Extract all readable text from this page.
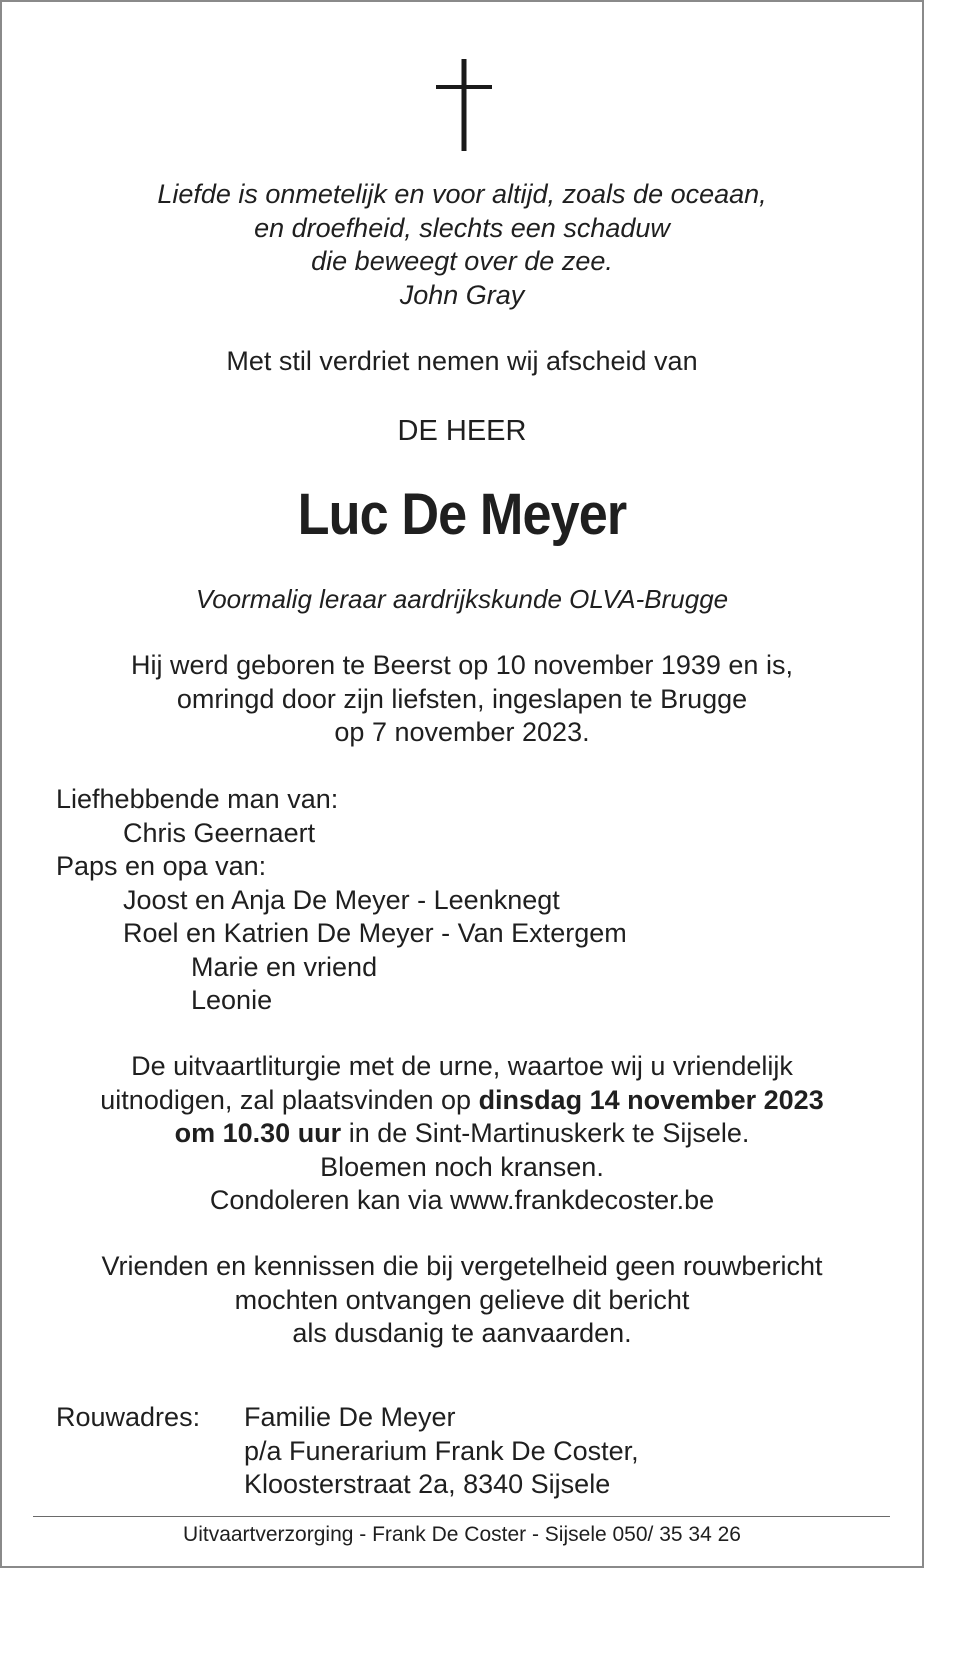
Liefde is onmetelijk en voor altijd, zoals de oceaan,
en droefheid, slechts een schaduw
die beweegt over de zee.
John Gray
Met stil verdriet nemen wij afscheid van
DE HEER
Luc De Meyer
Voormalig leraar aardrijkskunde OLVA-Brugge
Hij werd geboren te Beerst op 10 november 1939 en is,
omringd door zijn liefsten, ingeslapen te Brugge
op 7 november 2023.
Liefhebbende man van:
Chris Geernaert
Paps en opa van:
Joost en Anja De Meyer - Leenknegt
Roel en Katrien De Meyer - Van Extergem
Marie en vriend
Leonie
De uitvaartliturgie met de urne, waartoe wij u vriendelijk
uitnodigen, zal plaatsvinden op dinsdag 14 november 2023
om 10.30 uur in de Sint-Martinuskerk te Sijsele.
Bloemen noch kransen.
Condoleren kan via www.frankdecoster.be
Vrienden en kennissen die bij vergetelheid geen rouwbericht
mochten ontvangen gelieve dit bericht
als dusdanig te aanvaarden.
Rouwadres: Familie De Meyer
p/a Funerarium Frank De Coster,
Kloosterstraat 2a, 8340 Sijsele
Uitvaartverzorging - Frank De Coster - Sijsele 050/ 35 34 26
